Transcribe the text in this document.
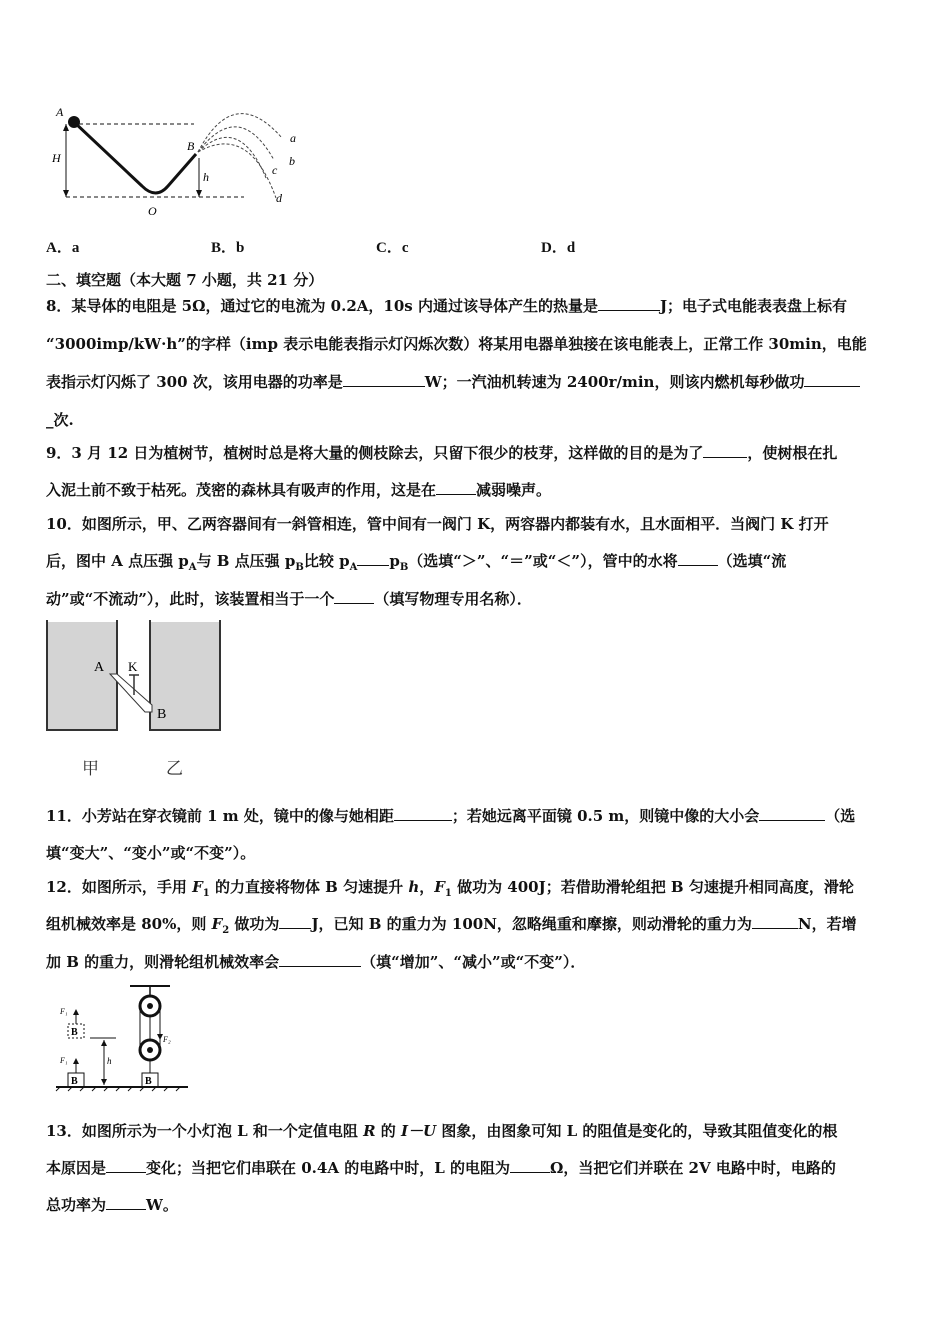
A
H
O
B
h
a
b
c
d
A．a	B．b	C．c	D．d
二、填空题（本大题 7 小题，共 21 分）
8．某导体的电阻是 5Ω，通过它的电流为 0.2A，10s 内通过该导体产生的热量是	J；电子式电能表表盘上标有
“3000imp/kW·h”的字样（imp 表示电能表指示灯闪烁次数）将某用电器单独接在该电能表上，正常工作 30min，电能
表指示灯闪烁了 300 次，该用电器的功率是	W；一汽油机转速为 2400r/min，则该内燃机每秒做功
_次.
9．3 月 12 日为植树节，植树时总是将大量的侧枝除去，只留下很少的枝芽，这样做的目的是为了	，使树根在扎
入泥土前不致于枯死。茂密的森林具有吸声的作用，这是在	减弱噪声。
10．如图所示，甲、乙两容器间有一斜管相连，管中间有一阀门 K，两容器内都装有水，且水面相平．当阀门 K 打开
后，图中 A 点压强 $p_A$与 B 点压强 $p_B$比较 $p_A$ $p_B$（选填“＞”、“＝”或“＜”），管中的水将	（选填“流
动”或“不流动”），此时，该装置相当于一个	（填写物理专用名称）．
A K
B
甲	乙
11．小芳站在穿衣镜前 1 m 处，镜中的像与她相距	；若她远离平面镜 0.5 m，则镜中像的大小会	（选
填“变大”、“变小”或“不变”）。
12．如图所示，手用 $F_1$ 的力直接将物体 B 匀速提升 h，$F_1$ 做功为 400J；若借助滑轮组把 B 匀速提升相同高度，滑轮
组机械效率是 80%，则 $F_2$ 做功为 J，已知 B 的重力为 100N，忽略绳重和摩擦，则动滑轮的重力为	N，若增
加 B 的重力，则滑轮组机械效率会	（填“增加”、“减小”或“不变”）．
B
F₁
B
F₁	h
F₂
B
13．如图所示为一个小灯泡 L 和一个定值电阻 R 的 I－U 图象，由图象可知 L 的阻值是变化的，导致其阻值变化的根
本原因是	变化；当把它们串联在 0.4A 的电路中时，L 的电阻为	Ω，当把它们并联在 2V 电路中时，电路的
总功率为	W。
